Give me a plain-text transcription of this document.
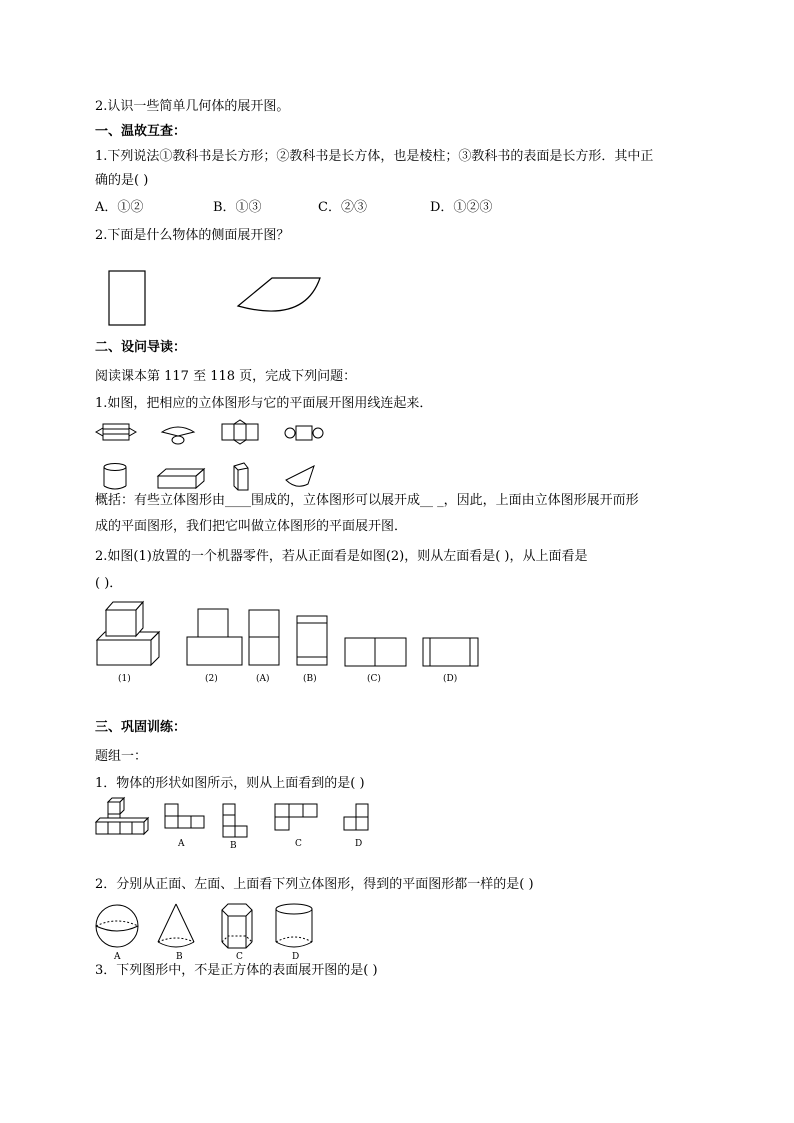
2.认识一些简单几何体的展开图。
一、温故互查：
1.下列说法①教科书是长方形；②教科书是长方体，也是棱柱；③教科书的表面是长方形．其中正
确的是( )
A．①②	B．①③	C．②③	D．①②③
2.下面是什么物体的侧面展开图？
二、设问导读：
阅读课本第 117 至 118 页，完成下列问题：
1.如图，把相应的立体图形与它的平面展开图用线连起来．
概括：有些立体图形由____围成的，立体图形可以展开成__ _，因此，上面由立体图形展开而形
成的平面图形，我们把它叫做立体图形的平面展开图．
2.如图(1)放置的一个机器零件，若从正面看是如图(2)，则从左面看是( )，从上面看是
( )．
(1)	(2)	(A)	(B)	(C)	(D)
三、巩固训练：
题组一：
1．物体的形状如图所示，则从上面看到的是( )
A	B	C	D
2．分别从正面、左面、上面看下列立体图形，得到的平面图形都一样的是( )
A	B	C	D
3．下列图形中，不是正方体的表面展开图的是( )
